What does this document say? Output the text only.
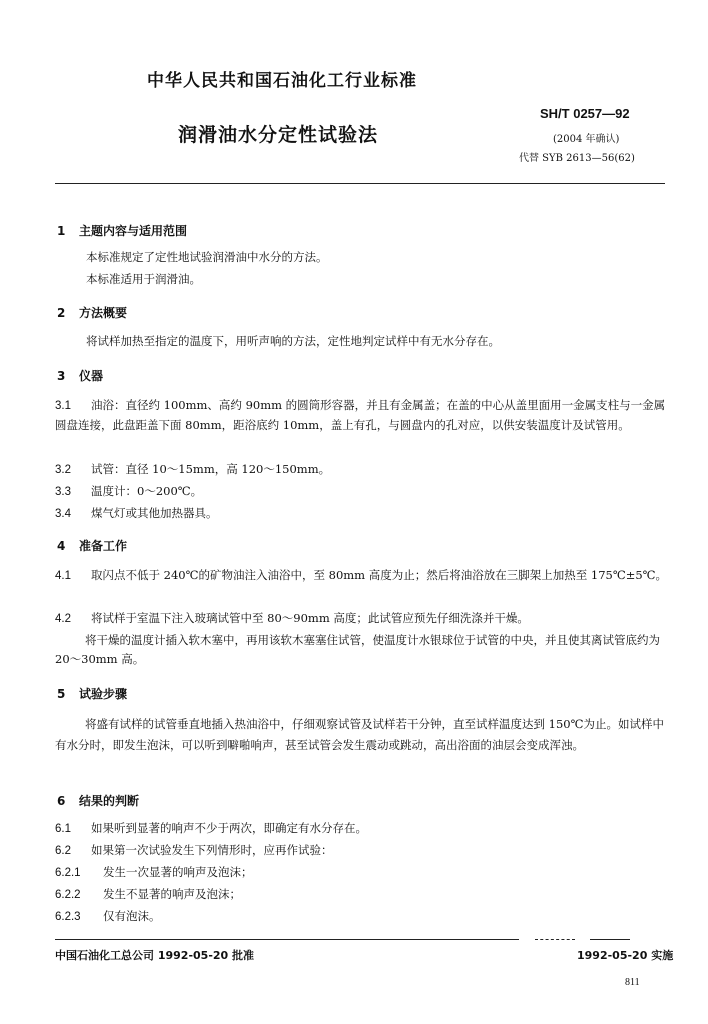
中华人民共和国石油化工行业标准
润滑油水分定性试验法
SH/T 0257—92
(2004 年确认)
代替 SYB 2613—56(62)
1 主题内容与适用范围
本标准规定了定性地试验润滑油中水分的方法。
本标准适用于润滑油。
2 方法概要
将试样加热至指定的温度下，用听声响的方法，定性地判定试样中有无水分存在。
3 仪器
3.1 油浴：直径约 100mm、高约 90mm 的圆筒形容器，并且有金属盖；在盖的中心从盖里面用一金属支柱与一金属圆盘连接，此盘距盖下面 80mm，距浴底约 10mm，盖上有孔，与圆盘内的孔对应，以供安装温度计及试管用。
3.2 试管：直径 10～15mm，高 120～150mm。
3.3 温度计：0～200℃。
3.4 煤气灯或其他加热器具。
4 准备工作
4.1 取闪点不低于 240℃的矿物油注入油浴中，至 80mm 高度为止；然后将油浴放在三脚架上加热至 175℃±5℃。
4.2 将试样于室温下注入玻璃试管中至 80～90mm 高度；此试管应预先仔细洗涤并干燥。
将干燥的温度计插入软木塞中，再用该软木塞塞住试管，使温度计水银球位于试管的中央，并且使其离试管底约为 20～30mm 高。
5 试验步骤
将盛有试样的试管垂直地插入热油浴中，仔细观察试管及试样若干分钟，直至试样温度达到 150℃为止。如试样中有水分时，即发生泡沫，可以听到噼啪响声，甚至试管会发生震动或跳动，高出浴面的油层会变成浑浊。
6 结果的判断
6.1 如果听到显著的响声不少于两次，即确定有水分存在。
6.2 如果第一次试验发生下列情形时，应再作试验：
6.2.1 发生一次显著的响声及泡沫；
6.2.2 发生不显著的响声及泡沫；
6.2.3 仅有泡沫。
中国石油化工总公司 1992-05-20 批准	1992-05-20 实施
811
